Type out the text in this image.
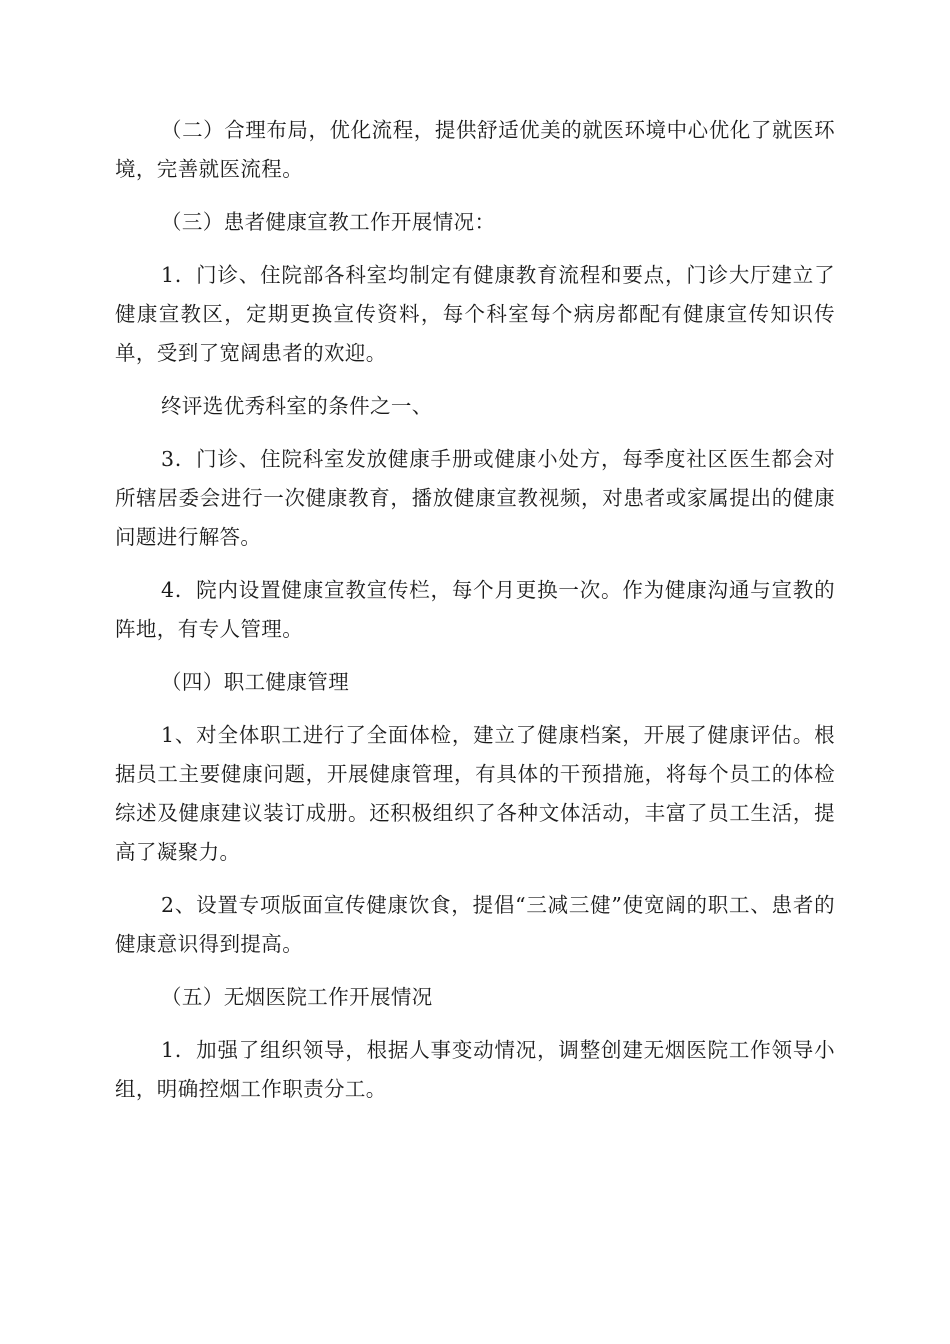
（二）合理布局，优化流程，提供舒适优美的就医环境中心优化了就医环境，完善就医流程。

（三）患者健康宣教工作开展情况：

1．门诊、住院部各科室均制定有健康教育流程和要点，门诊大厅建立了健康宣教区，定期更换宣传资料，每个科室每个病房都配有健康宣传知识传单，受到了宽阔患者的欢迎。

终评选优秀科室的条件之一、

3．门诊、住院科室发放健康手册或健康小处方，每季度社区医生都会对所辖居委会进行一次健康教育，播放健康宣教视频，对患者或家属提出的健康问题进行解答。

4．院内设置健康宣教宣传栏，每个月更换一次。作为健康沟通与宣教的阵地，有专人管理。

（四）职工健康管理

1、对全体职工进行了全面体检，建立了健康档案，开展了健康评估。根据员工主要健康问题，开展健康管理，有具体的干预措施，将每个员工的体检综述及健康建议装订成册。还积极组织了各种文体活动，丰富了员工生活，提高了凝聚力。

2、设置专项版面宣传健康饮食，提倡“三减三健”使宽阔的职工、患者的健康意识得到提高。

（五）无烟医院工作开展情况

1．加强了组织领导，根据人事变动情况，调整创建无烟医院工作领导小组，明确控烟工作职责分工。
